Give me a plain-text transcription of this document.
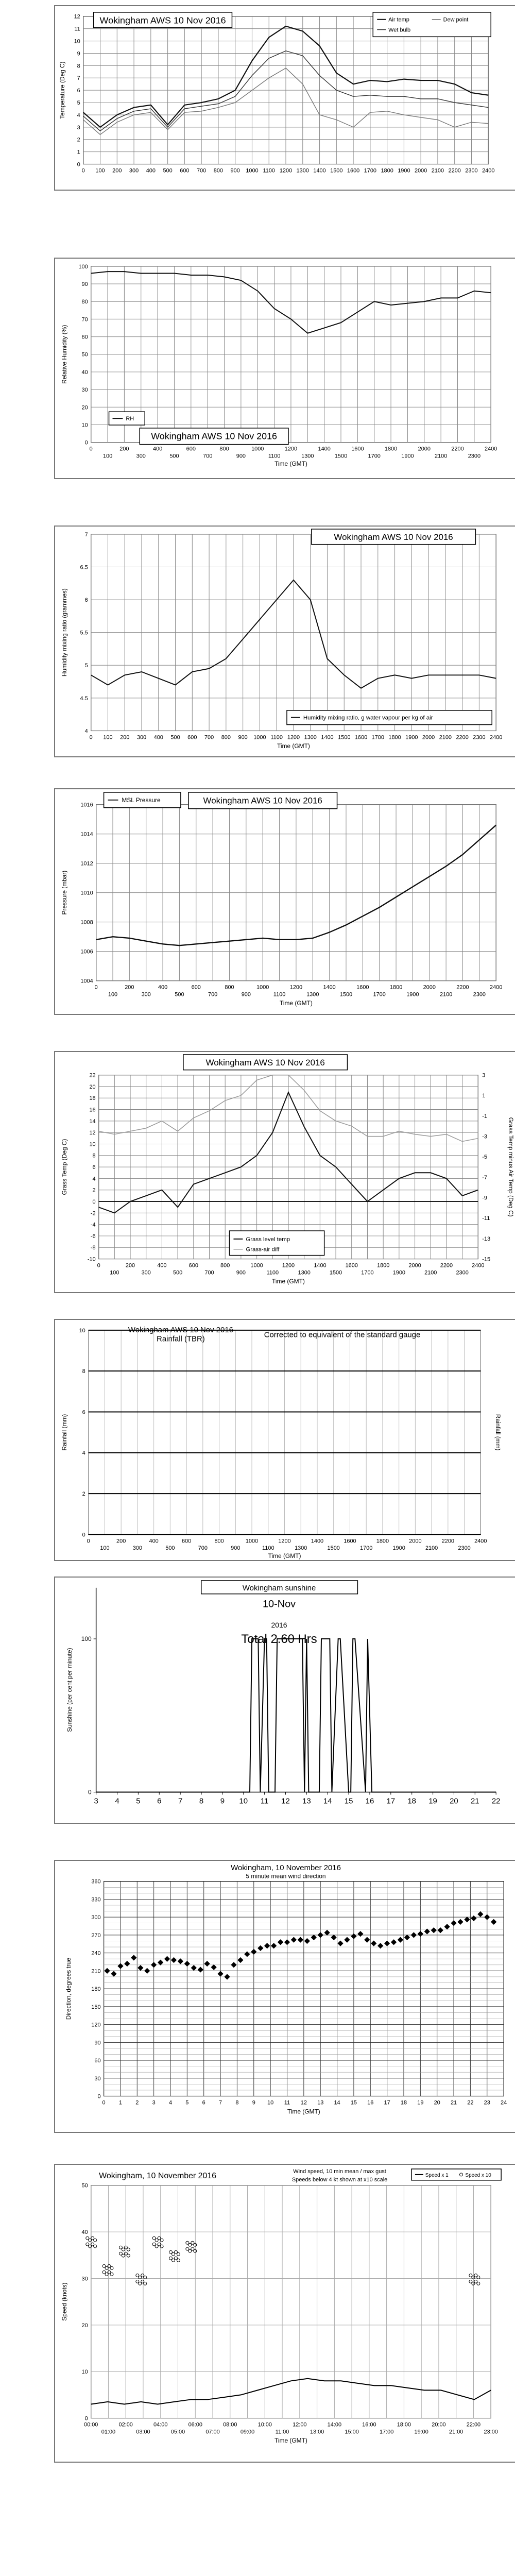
0
1
2
3
4
5
6
7
8
9
10
11
12
0 100 200 300 400 500 600 700 800 900 1000 1100 1200 1300 1400 1500 1600 1700 1800 1900 2000 2100 2200 2300 2400
Wokingham AWS 10 Nov 2016	Air temp	Dew point
Wet bulb
Temperature (Deg C)
0
10
20
30
40
50
60
70
80
90
100
0
100
200
300
400
500
600
700
800
900
1000
1100
1200
1300
1400
1500
1600
1700
1800
1900
2000
2100
2200
2300
2400
RH
Wokingham AWS 10 Nov 2016
Time (GMT)
Relative Humidity (%)
4
4.5
5
5.5
6
6.5
7
0 100 200 300 400 500 600 700 800 900 1000 1100 1200 1300 1400 1500 1600 1700 1800 1900 2000 2100 2200 2300 2400
Wokingham AWS 10 Nov 2016
Humidity mixing ratio, g water vapour per kg of air
Time (GMT)
Humidity mixing ratio (grammes)
1004
1006
1008
1010
1012
1014
1016
0
100
200
300
400
500
600
700
800
900
1000
1100
1200
1300
1400
1500
1600
1700
1800
1900
2000
2100
2200
2300
2400
MSL Pressure	Wokingham AWS 10 Nov 2016
Time (GMT)
Pressure (mbar)
22
20
18
16
14
12
10
8
6
4
2
0
-2
-4
-6
-8
-10
0
100
200
300
400
500
600
700
800
900
1000
1100
1200
1300
1400
1500
1600
1700
1800
1900
2000
2100
2200
2300
2400
3
1
-1
-3
-5
-7
-9
-11
-13
-15
Wokingham AWS 10 Nov 2016
Grass level temp
Grass-air diff
Time (GMT)
Grass Temp (Deg C)	Grass Temp minus Air Temp (Deg C)
0
2
4
6
8
10
0
100
200
300
400
500
600
700
800
900
1000
1100
1200
1300
1400
1500
1600
1700
1800
1900
2000
2100
2200
2300
2400
Wokingham AWS 10 Nov 2016
Rainfall (TBR)	Corrected to equivalent of the standard gauge
Time (GMT)
Rainfall (mm)	Rainfall (mm)
0
100
3 4 5 6 7 8 9 10 11 12 13 14 15 16 17 18 19 20 21 22
Wokingham sunshine
10-Nov
2016
Total 2.60 Hrs
Sunshine (per cent per minute)
0
30
60
90
120
150
180
210
240
270
300
330
360
0 1 2 3 4 5 6 7 8 9 10 11 12 13 14 15 16 17 18 19 20 21 22 23 24
Wokingham, 10 November 2016
5 minute mean wind direction
Time (GMT)
Direction, degrees true
0
10
20
30
40
50
00:00
01:00
02:00
03:00
04:00
05:00
06:00
07:00
08:00
09:00
10:00
11:00
12:00
13:00
14:00
15:00
16:00
17:00
18:00
19:00
20:00
21:00
22:00
23:00
Wokingham, 10 November 2016	Wind speed, 10 min mean / max gust
Speeds below 4 kt shown at x10 scale
Speed x 1	Speed x 10
Time (GMT)
Speed (knots)
